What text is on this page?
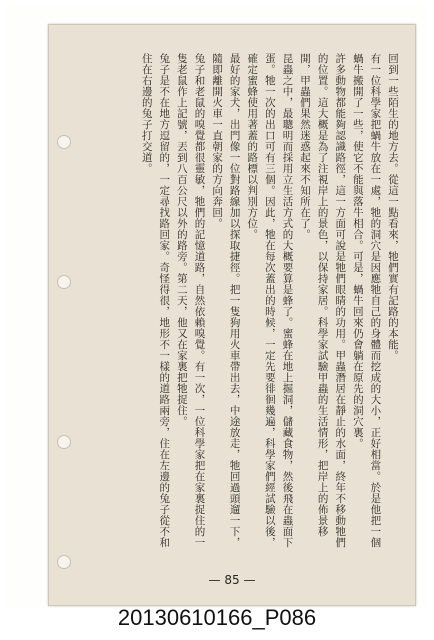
回到一些陌生的地方去。從這一點看來，牠們實有記路的本能。

有一位科學家把蝸牛放在一處，牠的洞穴是因應牠自己的身體而挖成的大小，正好相當。於是他把一個蝸牛搬開了一些，使它不能與落牛相合。可是，蝸牛回來仍會躺在原先的洞穴裏。

許多動物都能夠認識路徑，這一方面可說是牠們眼睛的功用。甲蟲潛居在靜止的水面，終年不移動牠們的位置。這大概是為了注視岸上的景色，以保持家居。科學家試驗甲蟲的生活情形，把岸上的佈景移開，甲蟲們果然迷惑起來不知所在了。

昆蟲之中，最聰明而採用立生活方式的大概要算是蜂了。蜜蜂在地上掘洞，儲藏食物，然後飛在蟲面下蛋。牠一次的出口可有三個。因此，牠在每次蓋出的時候，一定先要徘徊幾遍，科學家們經試驗以後，確定蜜蜂使用著蓋的路標以判別方位。

最好的家犬，出門像一位對路線加以探取捷徑。把一隻狗用火車帶出去，中途放走，牠回過頭遛一下，隨即離開火車一直朝家的方向奔回。

兔子和老鼠的嗅覺都很靈敏，牠們的記憶道路，自然依賴嗅覺。有一次，一位科學家把在家裏捉住的一隻老鼠作上記號，丟到八百公尺以外的路旁。第二天，他又在家裏把牠捉住。

兔子是不在地方逗留的，一定尋找路回家。奇怪得很，地形不一樣的道路兩旁，住在左邊的兔子從不和住在右邊的兔子打交道。

— 85 —
20130610166_P086
